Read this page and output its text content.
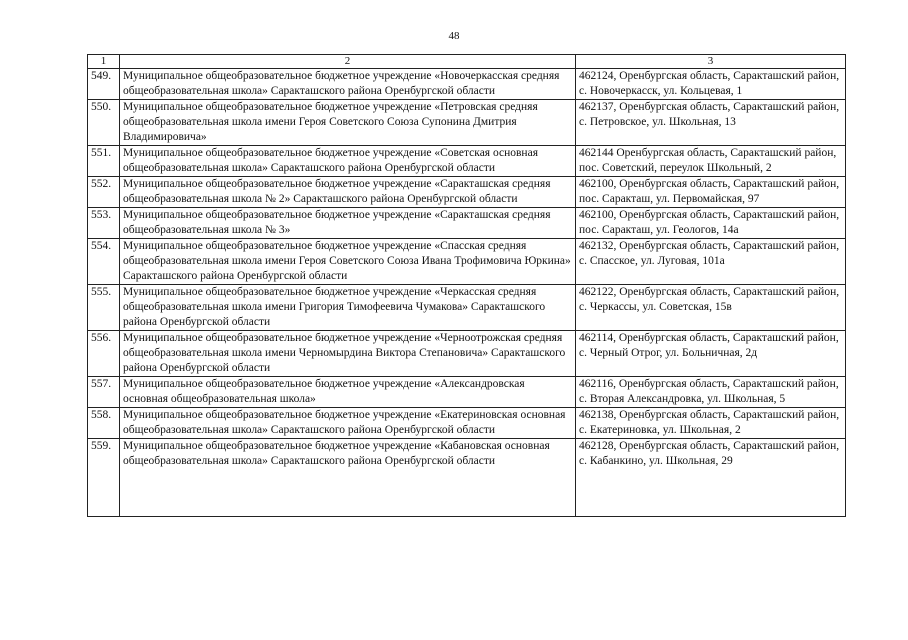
48
1	2	3
549.	Муниципальное общеобразовательное бюджетное учреждение «Новочеркасская средняя общеобразовательная школа» Саракташского района Оренбургской области	462124, Оренбургская область, Саракташский район, с. Новочеркасск, ул. Кольцевая, 1
550.	Муниципальное общеобразовательное бюджетное учреждение «Петровская средняя общеобразовательная школа имени Героя Советского Союза Супонина Дмитрия Владимировича»	462137, Оренбургская область, Саракташский район, с. Петровское, ул. Школьная, 13
551.	Муниципальное общеобразовательное бюджетное учреждение «Советская основная общеобразовательная школа» Саракташского района Оренбургской области	462144 Оренбургская область, Саракташский район, пос. Советский, переулок Школьный, 2
552.	Муниципальное общеобразовательное бюджетное учреждение «Саракташская средняя общеобразовательная школа № 2» Саракташского района Оренбургской области	462100, Оренбургская область, Саракташский район, пос. Саракташ, ул. Первомайская, 97
553.	Муниципальное общеобразовательное бюджетное учреждение «Саракташская средняя общеобразовательная школа № 3»	462100, Оренбургская область, Саракташский район, пос. Саракташ, ул. Геологов, 14а
554.	Муниципальное общеобразовательное бюджетное учреждение «Спасская средняя общеобразовательная школа имени Героя Советского Союза Ивана Трофимовича Юркина» Саракташского района Оренбургской области	462132, Оренбургская область, Саракташский район, с. Спасское, ул. Луговая, 101а
555.	Муниципальное общеобразовательное бюджетное учреждение «Черкасская средняя общеобразовательная школа имени Григория Тимофеевича Чумакова» Саракташского района Оренбургской области	462122, Оренбургская область, Саракташский район, с. Черкассы, ул. Советская, 15в
556.	Муниципальное общеобразовательное бюджетное учреждение «Черноотрожская средняя общеобразовательная школа имени Черномырдина Виктора Степановича» Саракташского района Оренбургской области	462114, Оренбургская область, Саракташский район, с. Черный Отрог, ул. Больничная, 2д
557.	Муниципальное общеобразовательное бюджетное учреждение «Александровская основная общеобразовательная школа»	462116, Оренбургская область, Саракташский район, с. Вторая Александровка, ул. Школьная, 5
558.	Муниципальное общеобразовательное бюджетное учреждение «Екатериновская основная общеобразовательная школа» Саракташского района Оренбургской области	462138, Оренбургская область, Саракташский район, с. Екатериновка, ул. Школьная, 2
559.	Муниципальное общеобразовательное бюджетное учреждение «Кабановская основная общеобразовательная школа» Саракташского района Оренбургской области	462128, Оренбургская область, Саракташский район, с. Кабанкино, ул. Школьная, 29
